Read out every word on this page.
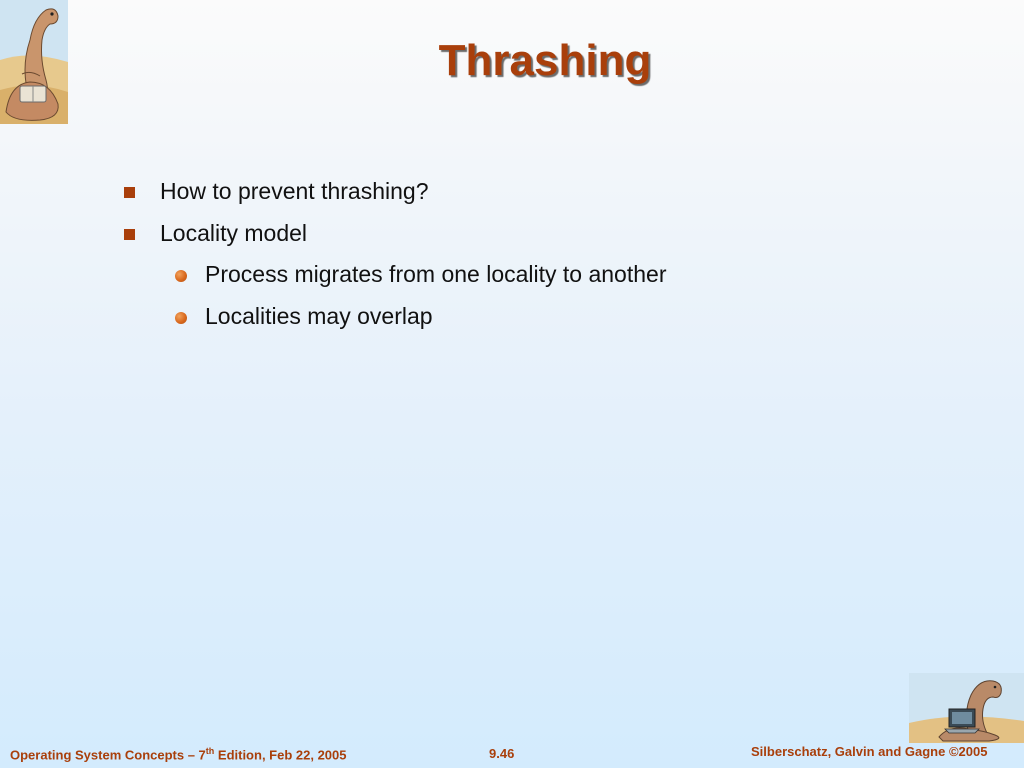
Thrashing
How to prevent thrashing?
Locality model
Process migrates from one locality to another
Localities may overlap
Operating System Concepts – 7th Edition, Feb 22, 2005	9.46	Silberschatz, Galvin and Gagne ©2005
